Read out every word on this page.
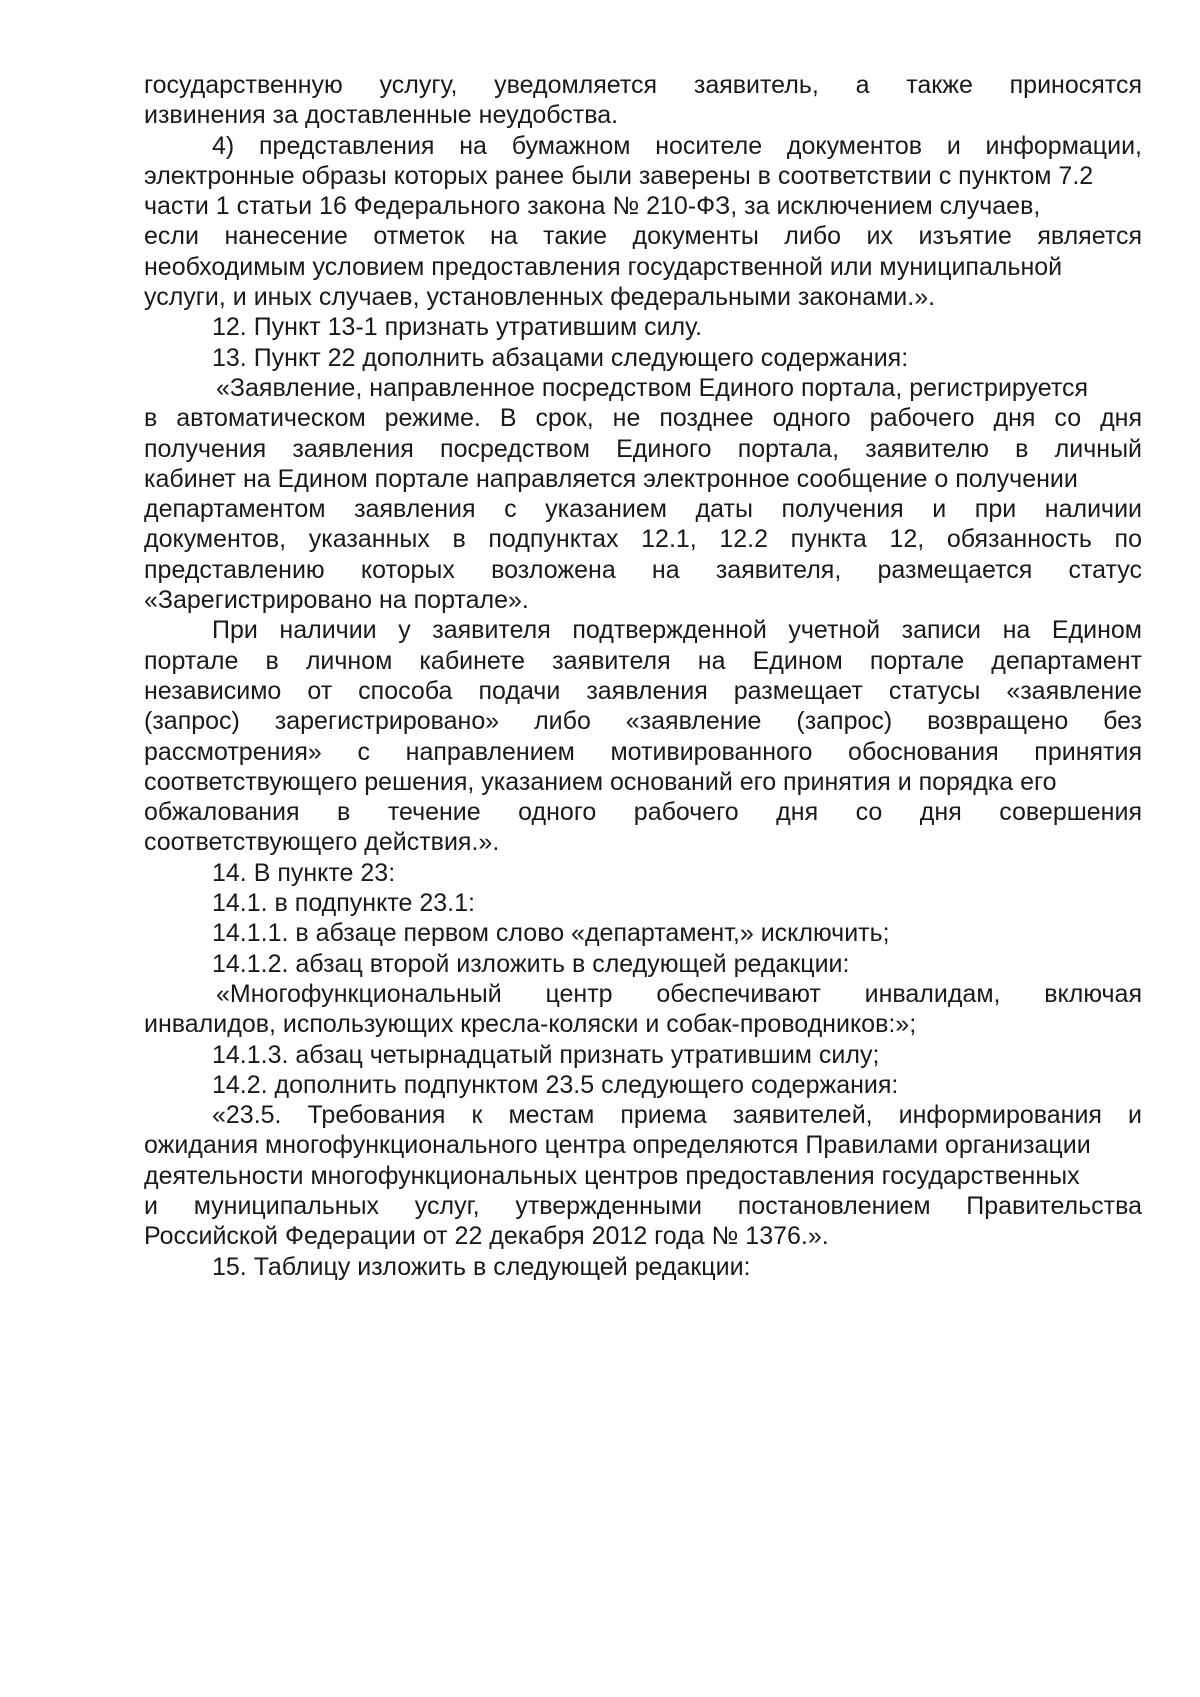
государственную услугу, уведомляется заявитель, а также приносятся
извинения за доставленные неудобства.
4) представления на бумажном носителе документов и информации,
электронные образы которых ранее были заверены в соответствии с пунктом 7.2
части 1 статьи 16 Федерального закона № 210-ФЗ, за исключением случаев,
если нанесение отметок на такие документы либо их изъятие является
необходимым условием предоставления государственной или муниципальной
услуги, и иных случаев, установленных федеральными законами.».
12. Пункт 13-1 признать утратившим силу.
13. Пункт 22 дополнить абзацами следующего содержания:
«Заявление, направленное посредством Единого портала, регистрируется
в автоматическом режиме. В срок, не позднее одного рабочего дня со дня
получения заявления посредством Единого портала, заявителю в личный
кабинет на Едином портале направляется электронное сообщение о получении
департаментом заявления с указанием даты получения и при наличии
документов, указанных в подпунктах 12.1, 12.2 пункта 12, обязанность по
представлению которых возложена на заявителя, размещается статус
«Зарегистрировано на портале».
При наличии у заявителя подтвержденной учетной записи на Едином
портале в личном кабинете заявителя на Едином портале департамент
независимо от способа подачи заявления размещает статусы «заявление
(запрос) зарегистрировано» либо «заявление (запрос) возвращено без
рассмотрения» с направлением мотивированного обоснования принятия
соответствующего решения, указанием оснований его принятия и порядка его
обжалования в течение одного рабочего дня со дня совершения
соответствующего действия.».
14. В пункте 23:
14.1. в подпункте 23.1:
14.1.1. в абзаце первом слово «департамент,» исключить;
14.1.2. абзац второй изложить в следующей редакции:
«Многофункциональный центр обеспечивают инвалидам, включая
инвалидов, использующих кресла-коляски и собак-проводников:»;
14.1.3. абзац четырнадцатый признать утратившим силу;
14.2. дополнить подпунктом 23.5 следующего содержания:
«23.5. Требования к местам приема заявителей, информирования и
ожидания многофункционального центра определяются Правилами организации
деятельности многофункциональных центров предоставления государственных
и муниципальных услуг, утвержденными постановлением Правительства
Российской Федерации от 22 декабря 2012 года № 1376.».
15. Таблицу изложить в следующей редакции:
